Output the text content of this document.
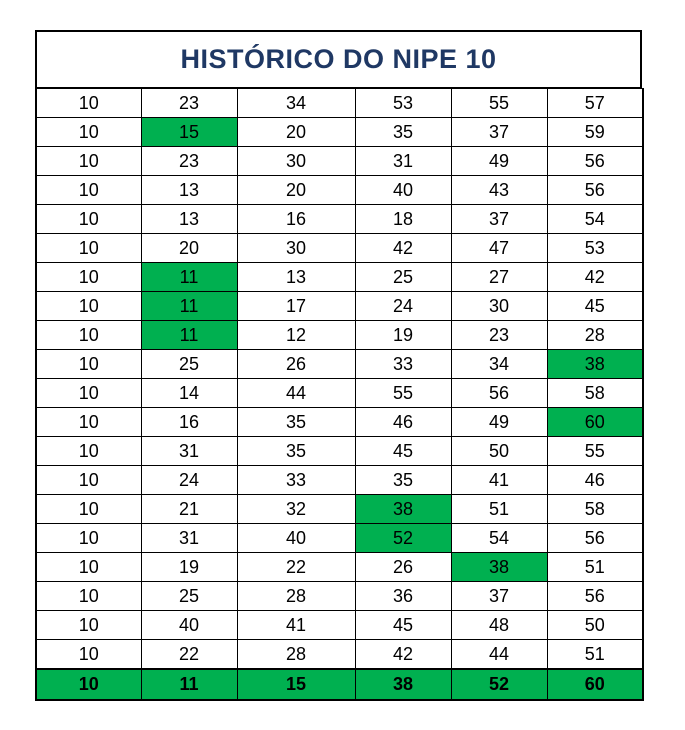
HISTÓRICO DO NIPE 10
10	23	34	53	55	57
10	15	20	35	37	59
10	23	30	31	49	56
10	13	20	40	43	56
10	13	16	18	37	54
10	20	30	42	47	53
10	11	13	25	27	42
10	11	17	24	30	45
10	11	12	19	23	28
10	25	26	33	34	38
10	14	44	55	56	58
10	16	35	46	49	60
10	31	35	45	50	55
10	24	33	35	41	46
10	21	32	38	51	58
10	31	40	52	54	56
10	19	22	26	38	51
10	25	28	36	37	56
10	40	41	45	48	50
10	22	28	42	44	51
10	11	15	38	52	60
